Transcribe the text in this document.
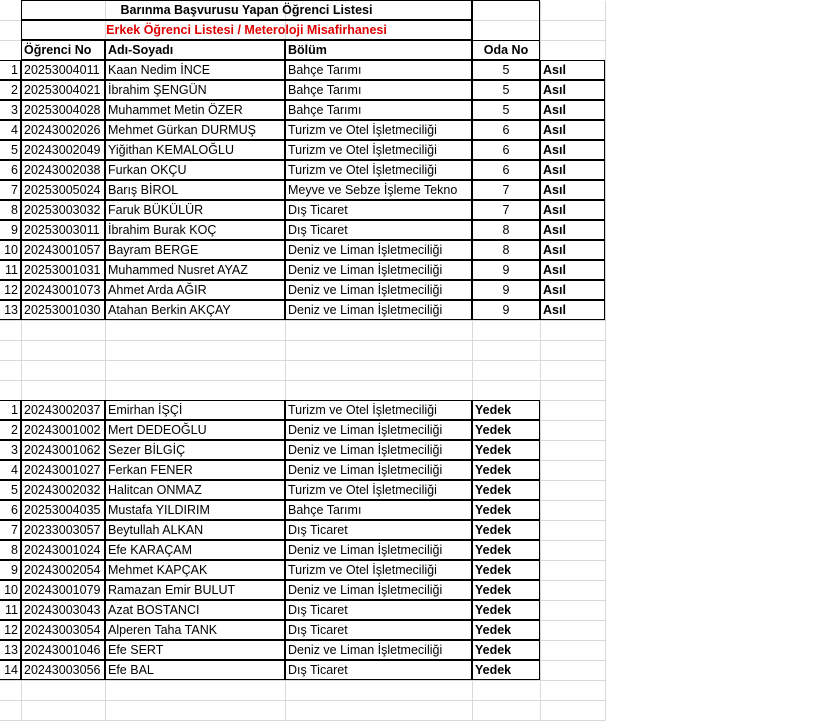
Barınma Başvurusu Yapan Öğrenci Listesi
Erkek Öğrenci Listesi / Meteroloji Misafirhanesi
Öğrenci No	Adı-Soyadı	Bölüm	Oda No
1 20253004011 Kaan Nedim İNCE	Bahçe Tarımı	5	Asıl
2 20253004021 İbrahim ŞENGÜN	Bahçe Tarımı	5	Asıl
3 20253004028 Muhammet Metin ÖZER	Bahçe Tarımı	5	Asıl
4 20243002026 Mehmet Gürkan DURMUŞ	Turizm ve Otel İşletmeciliği	6	Asıl
5 20243002049 Yiğithan KEMALOĞLU	Turizm ve Otel İşletmeciliği	6	Asıl
6 20243002038 Furkan OKÇU	Turizm ve Otel İşletmeciliği	6	Asıl
7 20253005024 Barış BİROL	Meyve ve Sebze İşleme Tekno	7	Asıl
8 20253003032 Faruk BÜKÜLÜR	Dış Ticaret	7	Asıl
9 20253003011 İbrahim Burak KOÇ	Dış Ticaret	8	Asıl
10 20243001057 Bayram BERGE	Deniz ve Liman İşletmeciliği	8	Asıl
11 20253001031 Muhammed Nusret AYAZ	Deniz ve Liman İşletmeciliği	9	Asıl
12 20243001073 Ahmet Arda AĞIR	Deniz ve Liman İşletmeciliği	9	Asıl
13 20253001030 Atahan Berkin AKÇAY	Deniz ve Liman İşletmeciliği	9	Asıl
1 20243002037 Emirhan İŞÇİ	Turizm ve Otel İşletmeciliği	Yedek
2 20243001002 Mert DEDEOĞLU	Deniz ve Liman İşletmeciliği	Yedek
3 20243001062 Sezer BİLGİÇ	Deniz ve Liman İşletmeciliği	Yedek
4 20243001027 Ferkan FENER	Deniz ve Liman İşletmeciliği	Yedek
5 20243002032 Halitcan ONMAZ	Turizm ve Otel İşletmeciliği	Yedek
6 20253004035 Mustafa YILDIRIM	Bahçe Tarımı	Yedek
7 20233003057 Beytullah ALKAN	Dış Ticaret	Yedek
8 20243001024 Efe KARAÇAM	Deniz ve Liman İşletmeciliği	Yedek
9 20243002054 Mehmet KAPÇAK	Turizm ve Otel İşletmeciliği	Yedek
10 20243001079 Ramazan Emir BULUT	Deniz ve Liman İşletmeciliği	Yedek
11 20243003043 Azat BOSTANCI	Dış Ticaret	Yedek
12 20243003054 Alperen Taha TANK	Dış Ticaret	Yedek
13 20243001046 Efe SERT	Deniz ve Liman İşletmeciliği	Yedek
14 20243003056 Efe BAL	Dış Ticaret	Yedek
